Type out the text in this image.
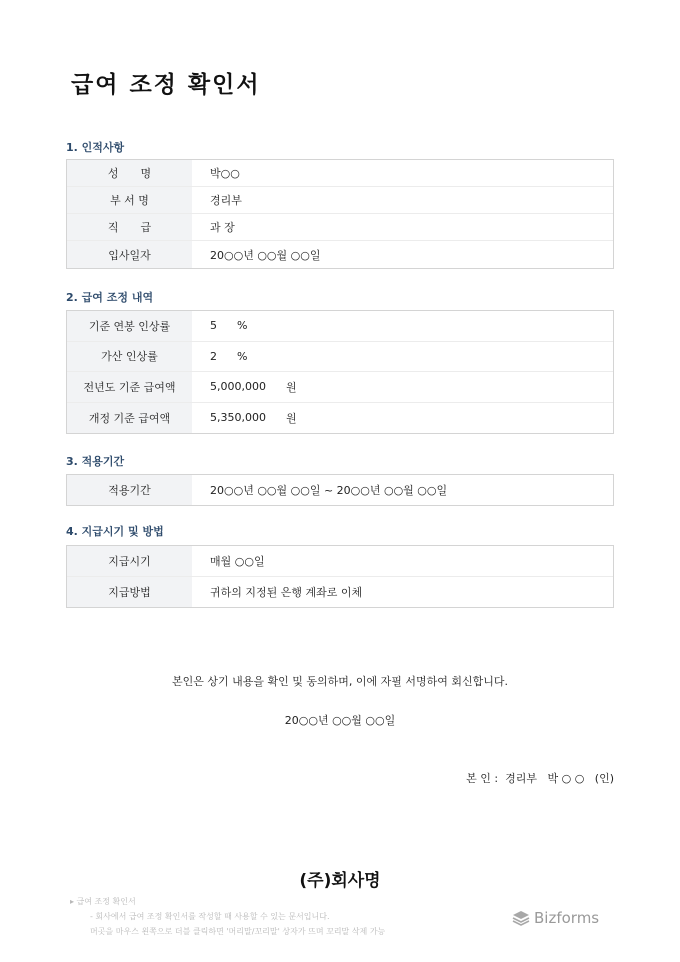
급여 조정 확인서
1. 인적사항
성　　명	박○○
부 서 명	경리부
직　　급	과 장
입사일자	20○○년 ○○월 ○○일
2. 급여 조정 내역
기준 연봉 인상률	5 %
가산 인상률	2 %
전년도 기준 급여액	5,000,000 원
개정 기준 급여액	5,350,000 원
3. 적용기간
적용기간	20○○년 ○○월 ○○일 ~ 20○○년 ○○월 ○○일
4. 지급시기 및 방법
지급시기	매월 ○○일
지급방법	귀하의 지정된 은행 계좌로 이체
본인은 상기 내용을 확인 및 동의하며, 이에 자필 서명하여 회신합니다.
20○○년 ○○월 ○○일
본 인 :  경리부   박 ○ ○   (인)
(주)회사명
▸ 급여 조정 확인서
- 회사에서 급여 조정 확인서를 작성할 때 사용할 수 있는 문서입니다.
머곳을 마우스 왼쪽으로 더블 클릭하면 '머리말/꼬리말' 상자가 뜨며 꼬리말 삭제 가능
Bizforms
